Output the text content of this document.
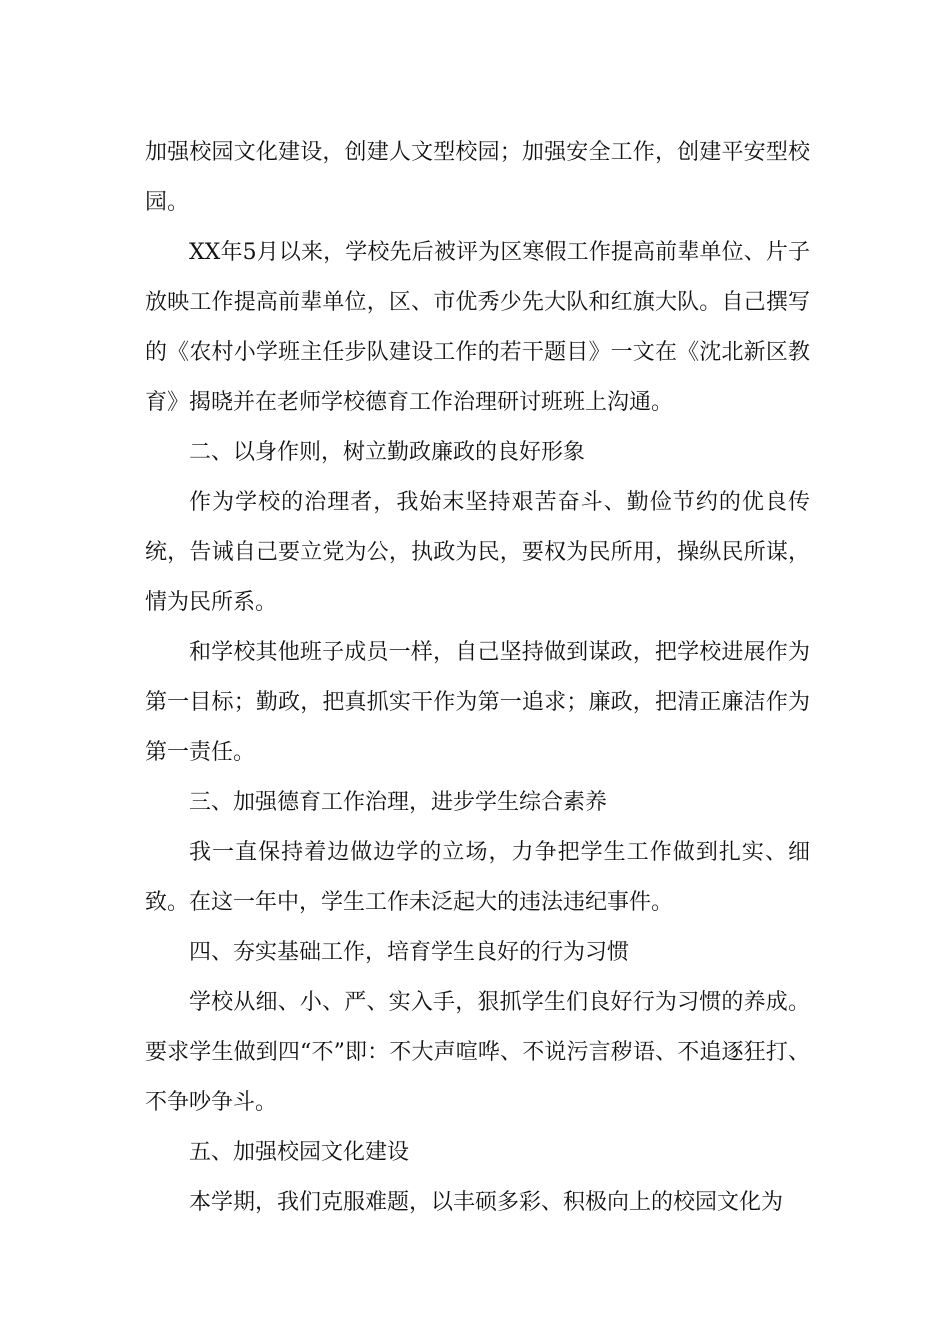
加强校园文化建设，创建人文型校园；加强安全工作，创建平安型校园。

XX年5月以来，学校先后被评为区寒假工作提高前辈单位、片子放映工作提高前辈单位，区、市优秀少先大队和红旗大队。自己撰写的《农村小学班主任步队建设工作的若干题目》一文在《沈北新区教育》揭晓并在老师学校德育工作治理研讨班班上沟通。

二、以身作则，树立勤政廉政的良好形象

作为学校的治理者，我始末坚持艰苦奋斗、勤俭节约的优良传统，告诫自己要立党为公，执政为民，要权为民所用，操纵民所谋，情为民所系。

和学校其他班子成员一样，自己坚持做到谋政，把学校进展作为第一目标；勤政，把真抓实干作为第一追求；廉政，把清正廉洁作为第一责任。

三、加强德育工作治理，进步学生综合素养

我一直保持着边做边学的立场，力争把学生工作做到扎实、细致。在这一年中，学生工作未泛起大的违法违纪事件。

四、夯实基础工作，培育学生良好的行为习惯

学校从细、小、严、实入手，狠抓学生们良好行为习惯的养成。要求学生做到四“不”即：不大声喧哗、不说污言秽语、不追逐狂打、不争吵争斗。

五、加强校园文化建设

本学期，我们克服难题，以丰硕多彩、积极向上的校园文化为
